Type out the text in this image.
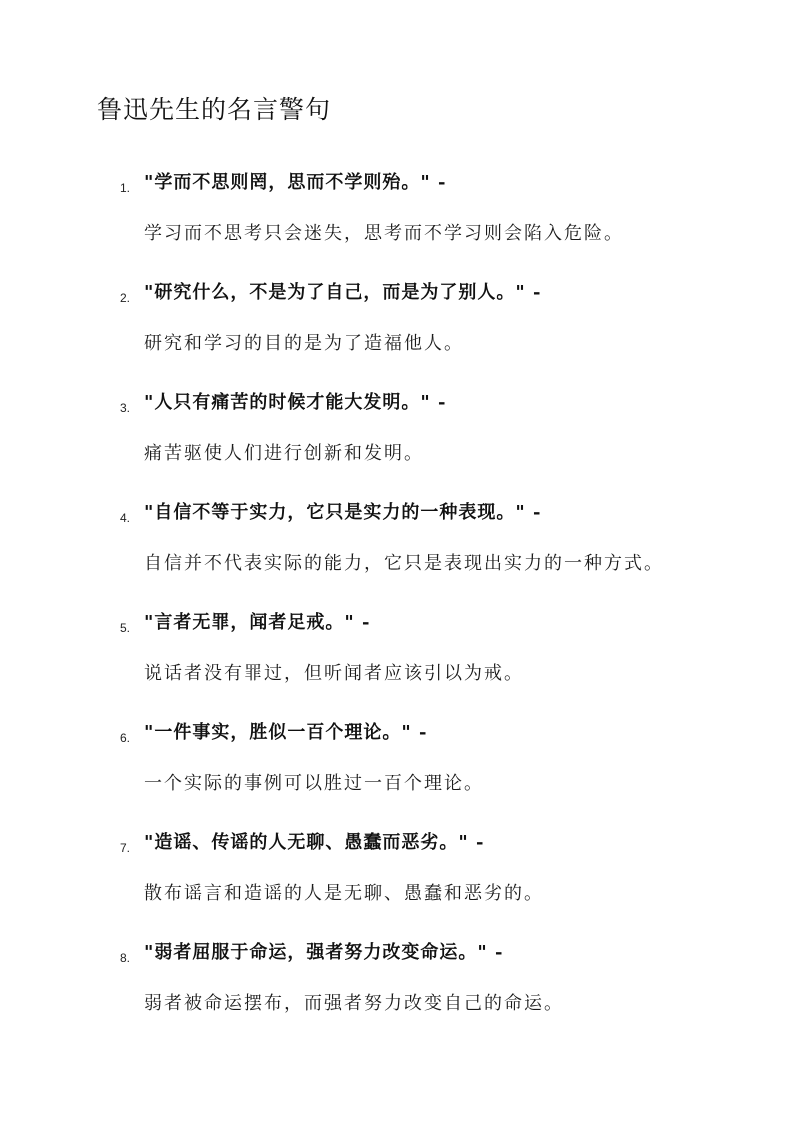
鲁迅先生的名言警句
1. "学而不思则罔，思而不学则殆。" -
学习而不思考只会迷失，思考而不学习则会陷入危险。
2. "研究什么，不是为了自己，而是为了别人。" -
研究和学习的目的是为了造福他人。
3. "人只有痛苦的时候才能大发明。" -
痛苦驱使人们进行创新和发明。
4. "自信不等于实力，它只是实力的一种表现。" -
自信并不代表实际的能力，它只是表现出实力的一种方式。
5. "言者无罪，闻者足戒。" -
说话者没有罪过，但听闻者应该引以为戒。
6. "一件事实，胜似一百个理论。" -
一个实际的事例可以胜过一百个理论。
7. "造谣、传谣的人无聊、愚蠢而恶劣。" -
散布谣言和造谣的人是无聊、愚蠢和恶劣的。
8. "弱者屈服于命运，强者努力改变命运。" -
弱者被命运摆布，而强者努力改变自己的命运。
